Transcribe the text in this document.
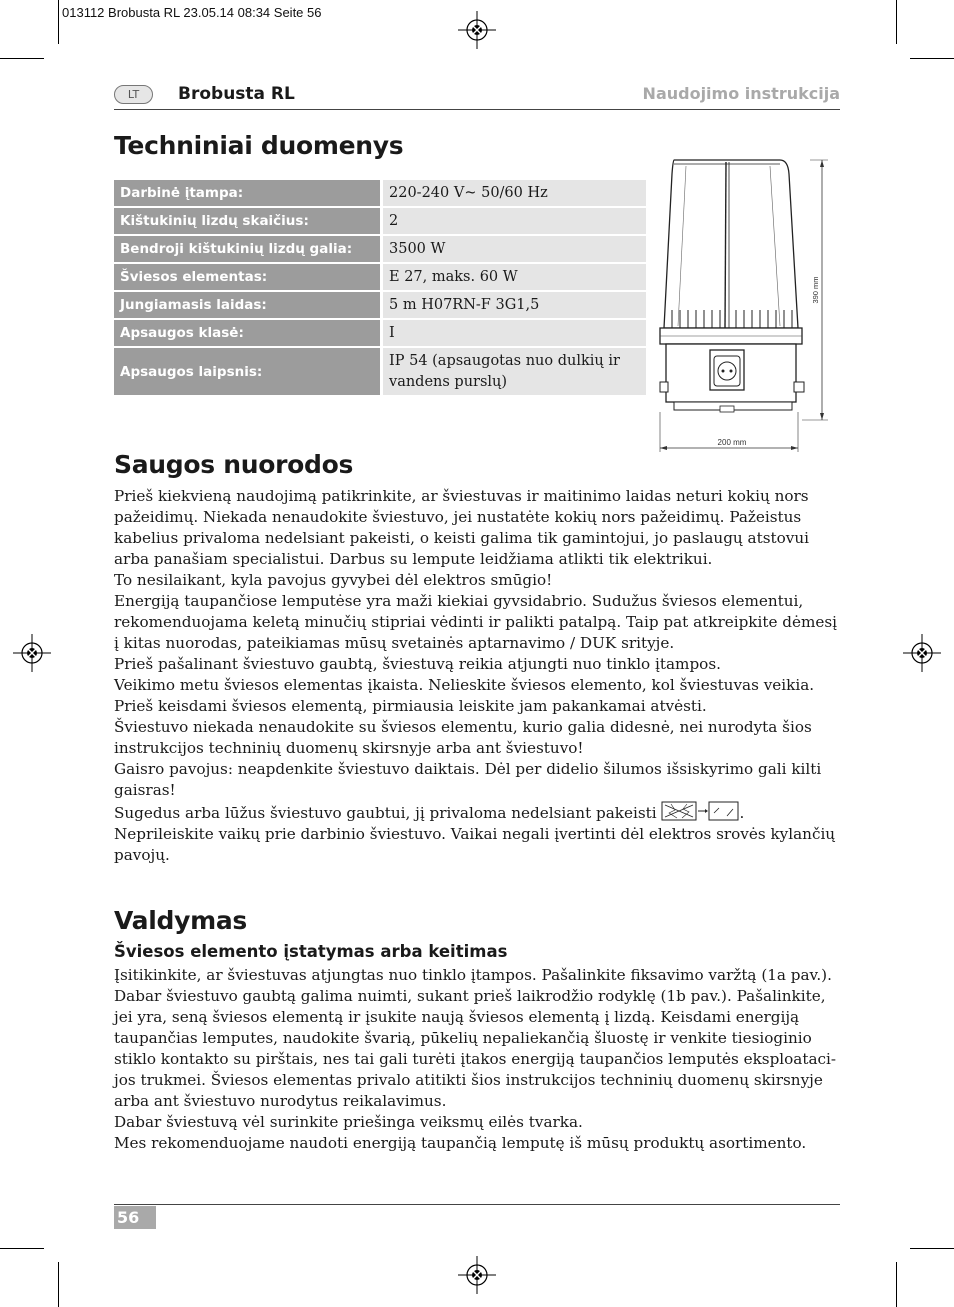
013112 Brobusta RL 23.05.14 08:34 Seite 56
LT	Brobusta RL	Naudojimo instrukcija
Techniniai duomenys
Darbinė įtampa:	220-240 V~ 50/60 Hz
Kištukinių lizdų skaičius:	2
Bendroji kištukinių lizdų galia:	3500 W
Šviesos elementas:	E 27, maks. 60 W
Jungiamasis laidas:	5 m H07RN-F 3G1,5
Apsaugos klasė:	I
Apsaugos laipsnis:	IP 54 (apsaugotas nuo dulkių ir vandens purslų)
390 mm
200 mm
Saugos nuorodos

Prieš kiekvieną naudojimą patikrinkite, ar šviestuvas ir maitinimo laidas neturi kokių nors pažeidimų. Niekada nenaudokite šviestuvo, jei nustatėte kokių nors pažeidimų. Pažeistus kabelius privaloma nedelsiant pakeisti, o keisti galima tik gamintojui, jo paslaugų atstovui arba panašiam specialistui. Darbus su lempute leidžiama atlikti tik elektrikui.

To nesilaikant, kyla pavojus gyvybei dėl elektros smūgio!

Energiją taupančiose lemputėse yra maži kiekiai gyvsidabrio. Sudužus šviesos elementui, rekomenduojama keletą minučių stipriai vėdinti ir palikti patalpą. Taip pat atkreipkite dėmesį į kitas nuorodas, pateikiamas mūsų svetainės aptarnavimo / DUK srityje.

Prieš pašalinant šviestuvo gaubtą, šviestuvą reikia atjungti nuo tinklo įtampos.

Veikimo metu šviesos elementas įkaista. Nelieskite šviesos elemento, kol šviestuvas veikia. Prieš keisdami šviesos elementą, pirmiausia leiskite jam pakankamai atvėsti.

Šviestuvo niekada nenaudokite su šviesos elementu, kurio galia didesnė, nei nurodyta šios instrukcijos techninių duomenų skirsnyje arba ant šviestuvo!

Gaisro pavojus: neapdenkite šviestuvo daiktais. Dėl per didelio šilumos išsiskyrimo gali kilti gaisras!

Sugedus arba lūžus šviestuvo gaubtui, jį privaloma nedelsiant pakeisti	.

Neprileiskite vaikų prie darbinio šviestuvo. Vaikai negali įvertinti dėl elektros srovės kylančių pavojų.

Valdymas
Šviesos elemento įstatymas arba keitimas

Įsitikinkite, ar šviestuvas atjungtas nuo tinklo įtampos. Pašalinkite fiksavimo varžtą (1a pav.). Dabar šviestuvo gaubtą galima nuimti, sukant prieš laikrodžio rodyklę (1b pav.). Pašalinkite, jei yra, seną šviesos elementą ir įsukite naują šviesos elementą į lizdą. Keisdami energiją taupančias lemputes, naudokite švarią, pūkelių nepaliekančią šluostę ir venkite tiesioginio stiklo kontakto su pirštais, nes tai gali turėti įtakos energiją taupančios lemputės eksploataci-jos trukmei. Šviesos elementas privalo atitikti šios instrukcijos techninių duomenų skirsnyje arba ant šviestuvo nurodytus reikalavimus.

Dabar šviestuvą vėl surinkite priešinga veiksmų eilės tvarka.

Mes rekomenduojame naudoti energiją taupančią lemputę iš mūsų produktų asortimento.

56
